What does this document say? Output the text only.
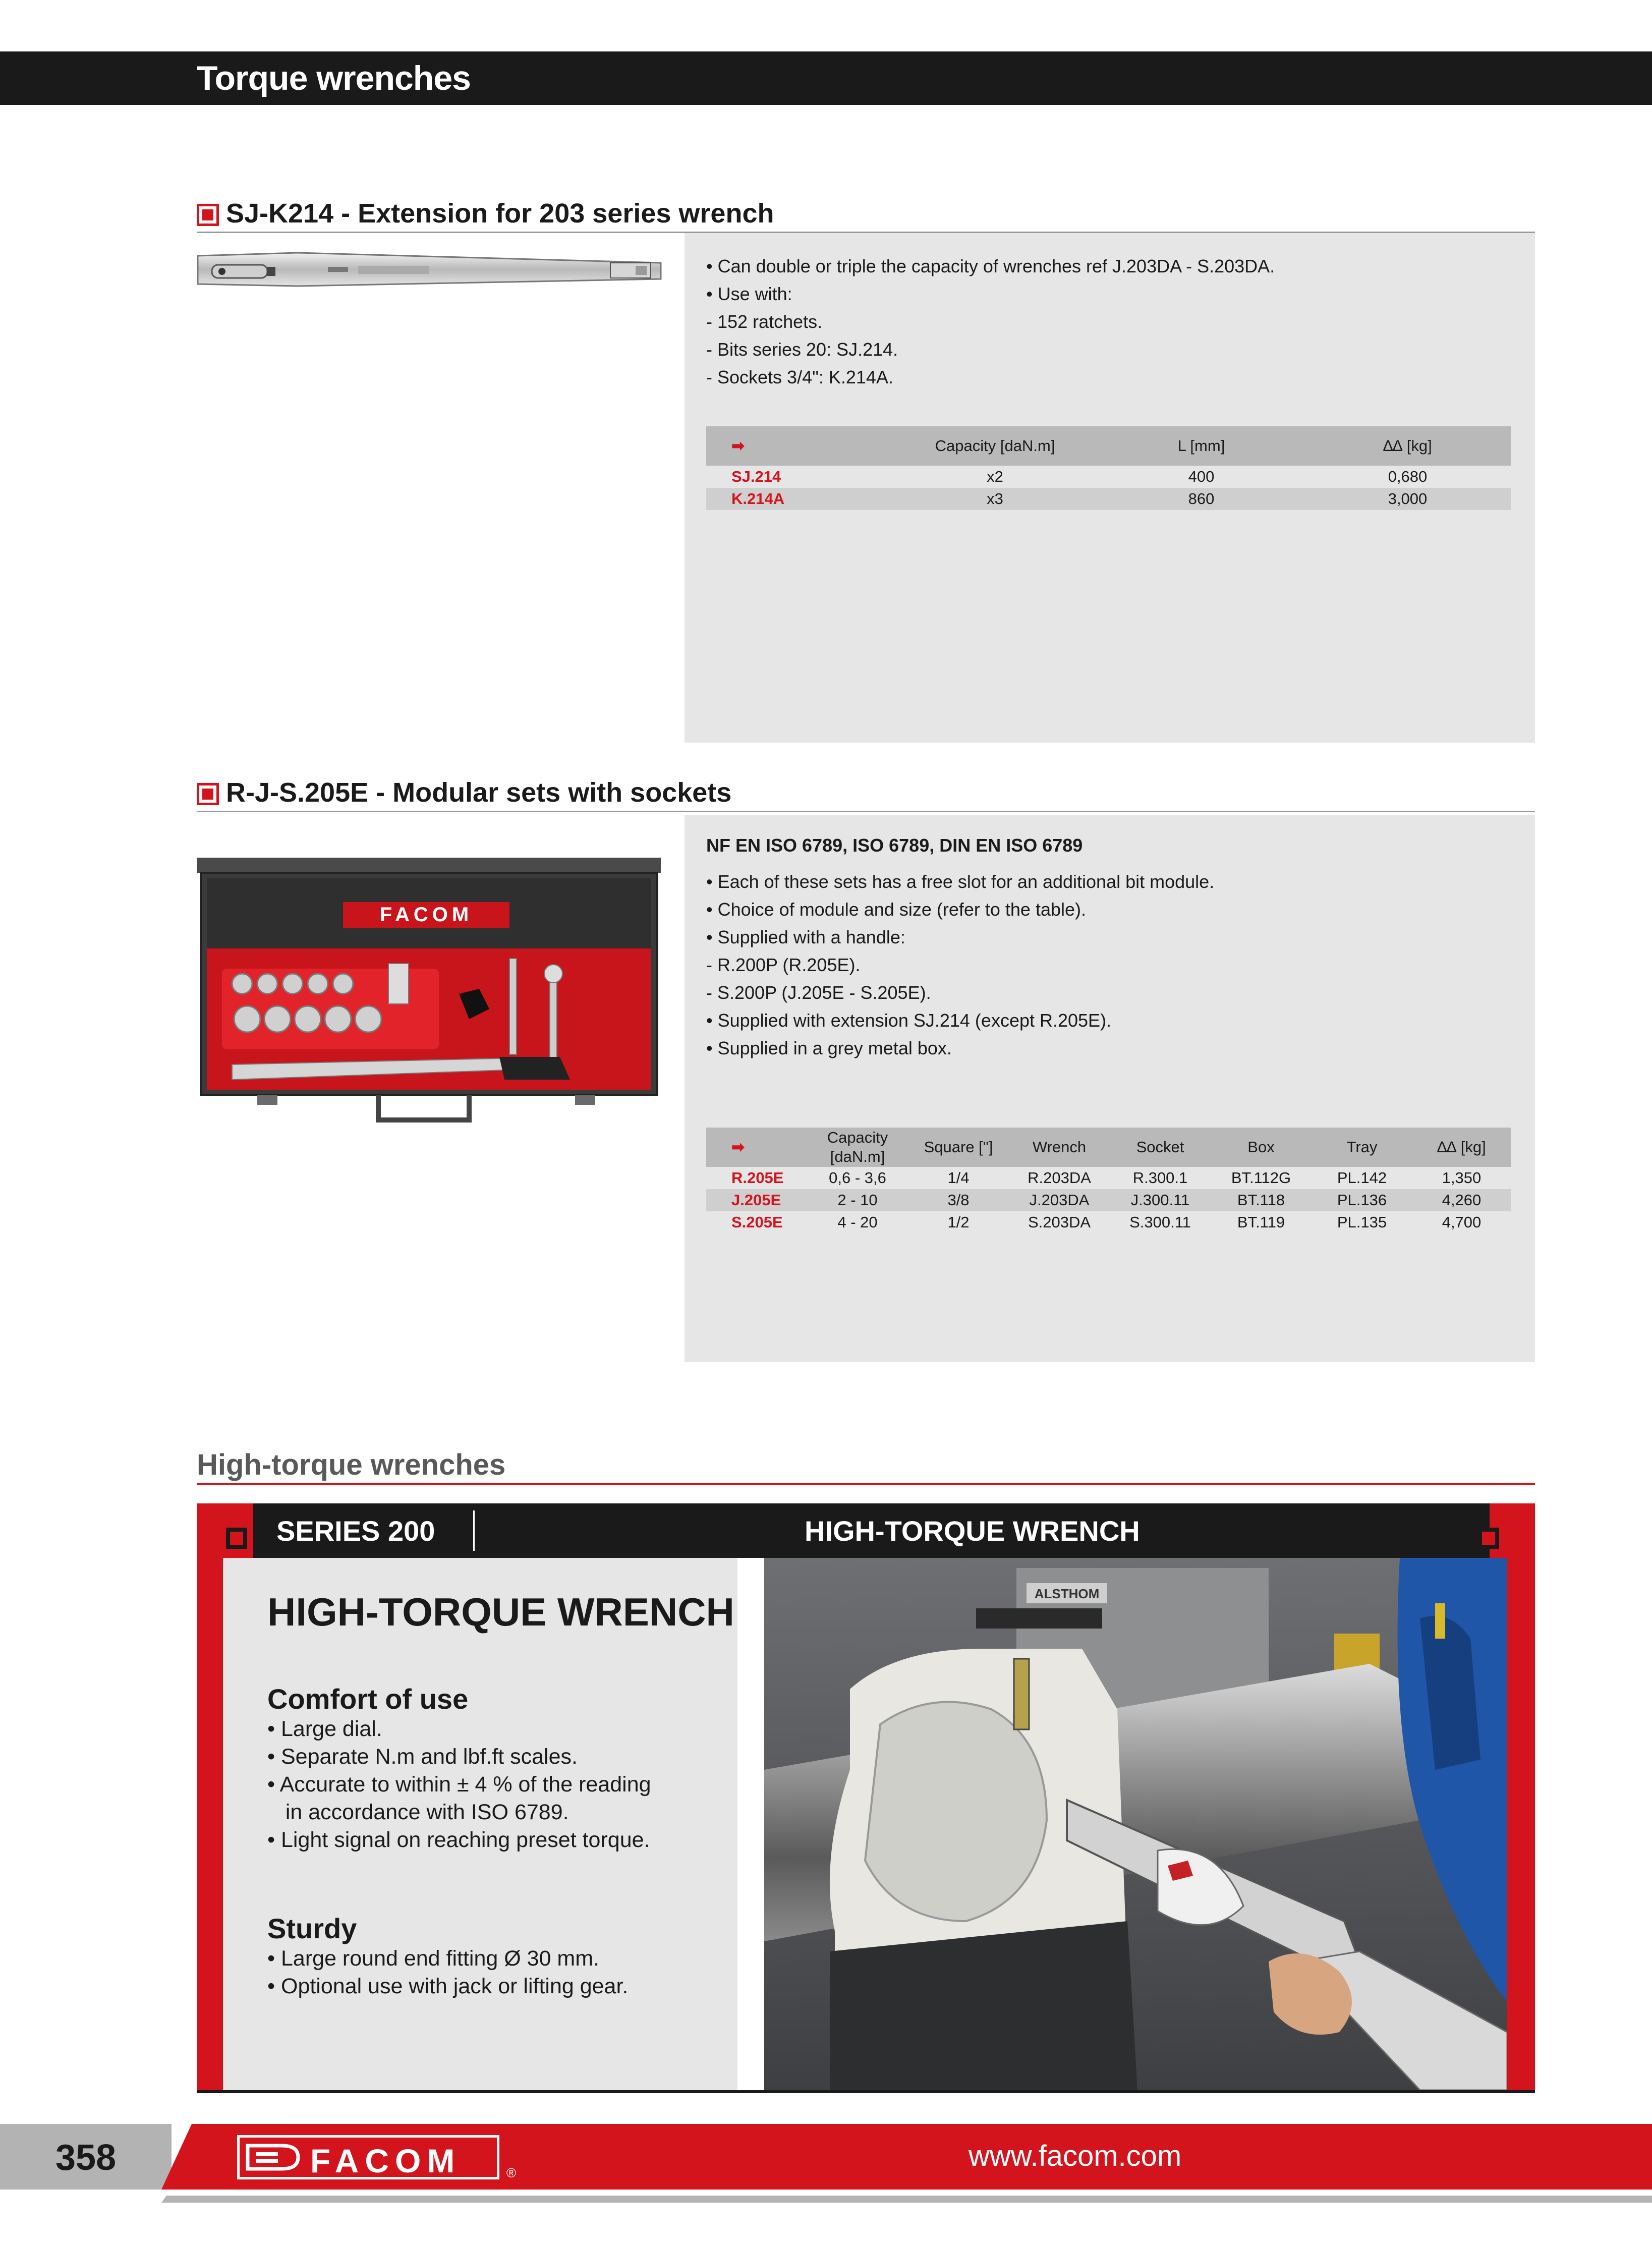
Torque wrenches
SJ-K214 - Extension for 203 series wrench
• Can double or triple the capacity of wrenches ref J.203DA - S.203DA.
• Use with:
- 152 ratchets.
- Bits series 20: SJ.214.
- Sockets 3/4": K.214A.
➡	Capacity [daN.m]	L [mm]	∆∆ [kg]
SJ.214	x2	400	0,680
K.214A	x3	860	3,000
R-J-S.205E - Modular sets with sockets
FACOM
NF EN ISO 6789, ISO 6789, DIN EN ISO 6789
• Each of these sets has a free slot for an additional bit module.
• Choice of module and size (refer to the table).
• Supplied with a handle:
- R.200P (R.205E).
- S.200P (J.205E - S.205E).
• Supplied with extension SJ.214 (except R.205E).
• Supplied in a grey metal box.
➡	Capacity [daN.m]	Square ["]	Wrench	Socket	Box	Tray	∆∆ [kg]
R.205E	0,6 - 3,6	1/4	R.203DA	R.300.1	BT.112G	PL.142	1,350
J.205E	2 - 10	3/8	J.203DA	J.300.11	BT.118	PL.136	4,260
S.205E	4 - 20	1/2	S.203DA	S.300.11	BT.119	PL.135	4,700
High-torque wrenches
SERIES 200	HIGH-TORQUE WRENCH
HIGH-TORQUE WRENCH
Comfort of use
• Large dial.
• Separate N.m and lbf.ft scales.
• Accurate to within ± 4 % of the reading
in accordance with ISO 6789.
• Light signal on reaching preset torque.
Sturdy
• Large round end fitting Ø 30 mm.
• Optional use with jack or lifting gear.
ALSTHOM
358	FACOM	®
www.facom.com
